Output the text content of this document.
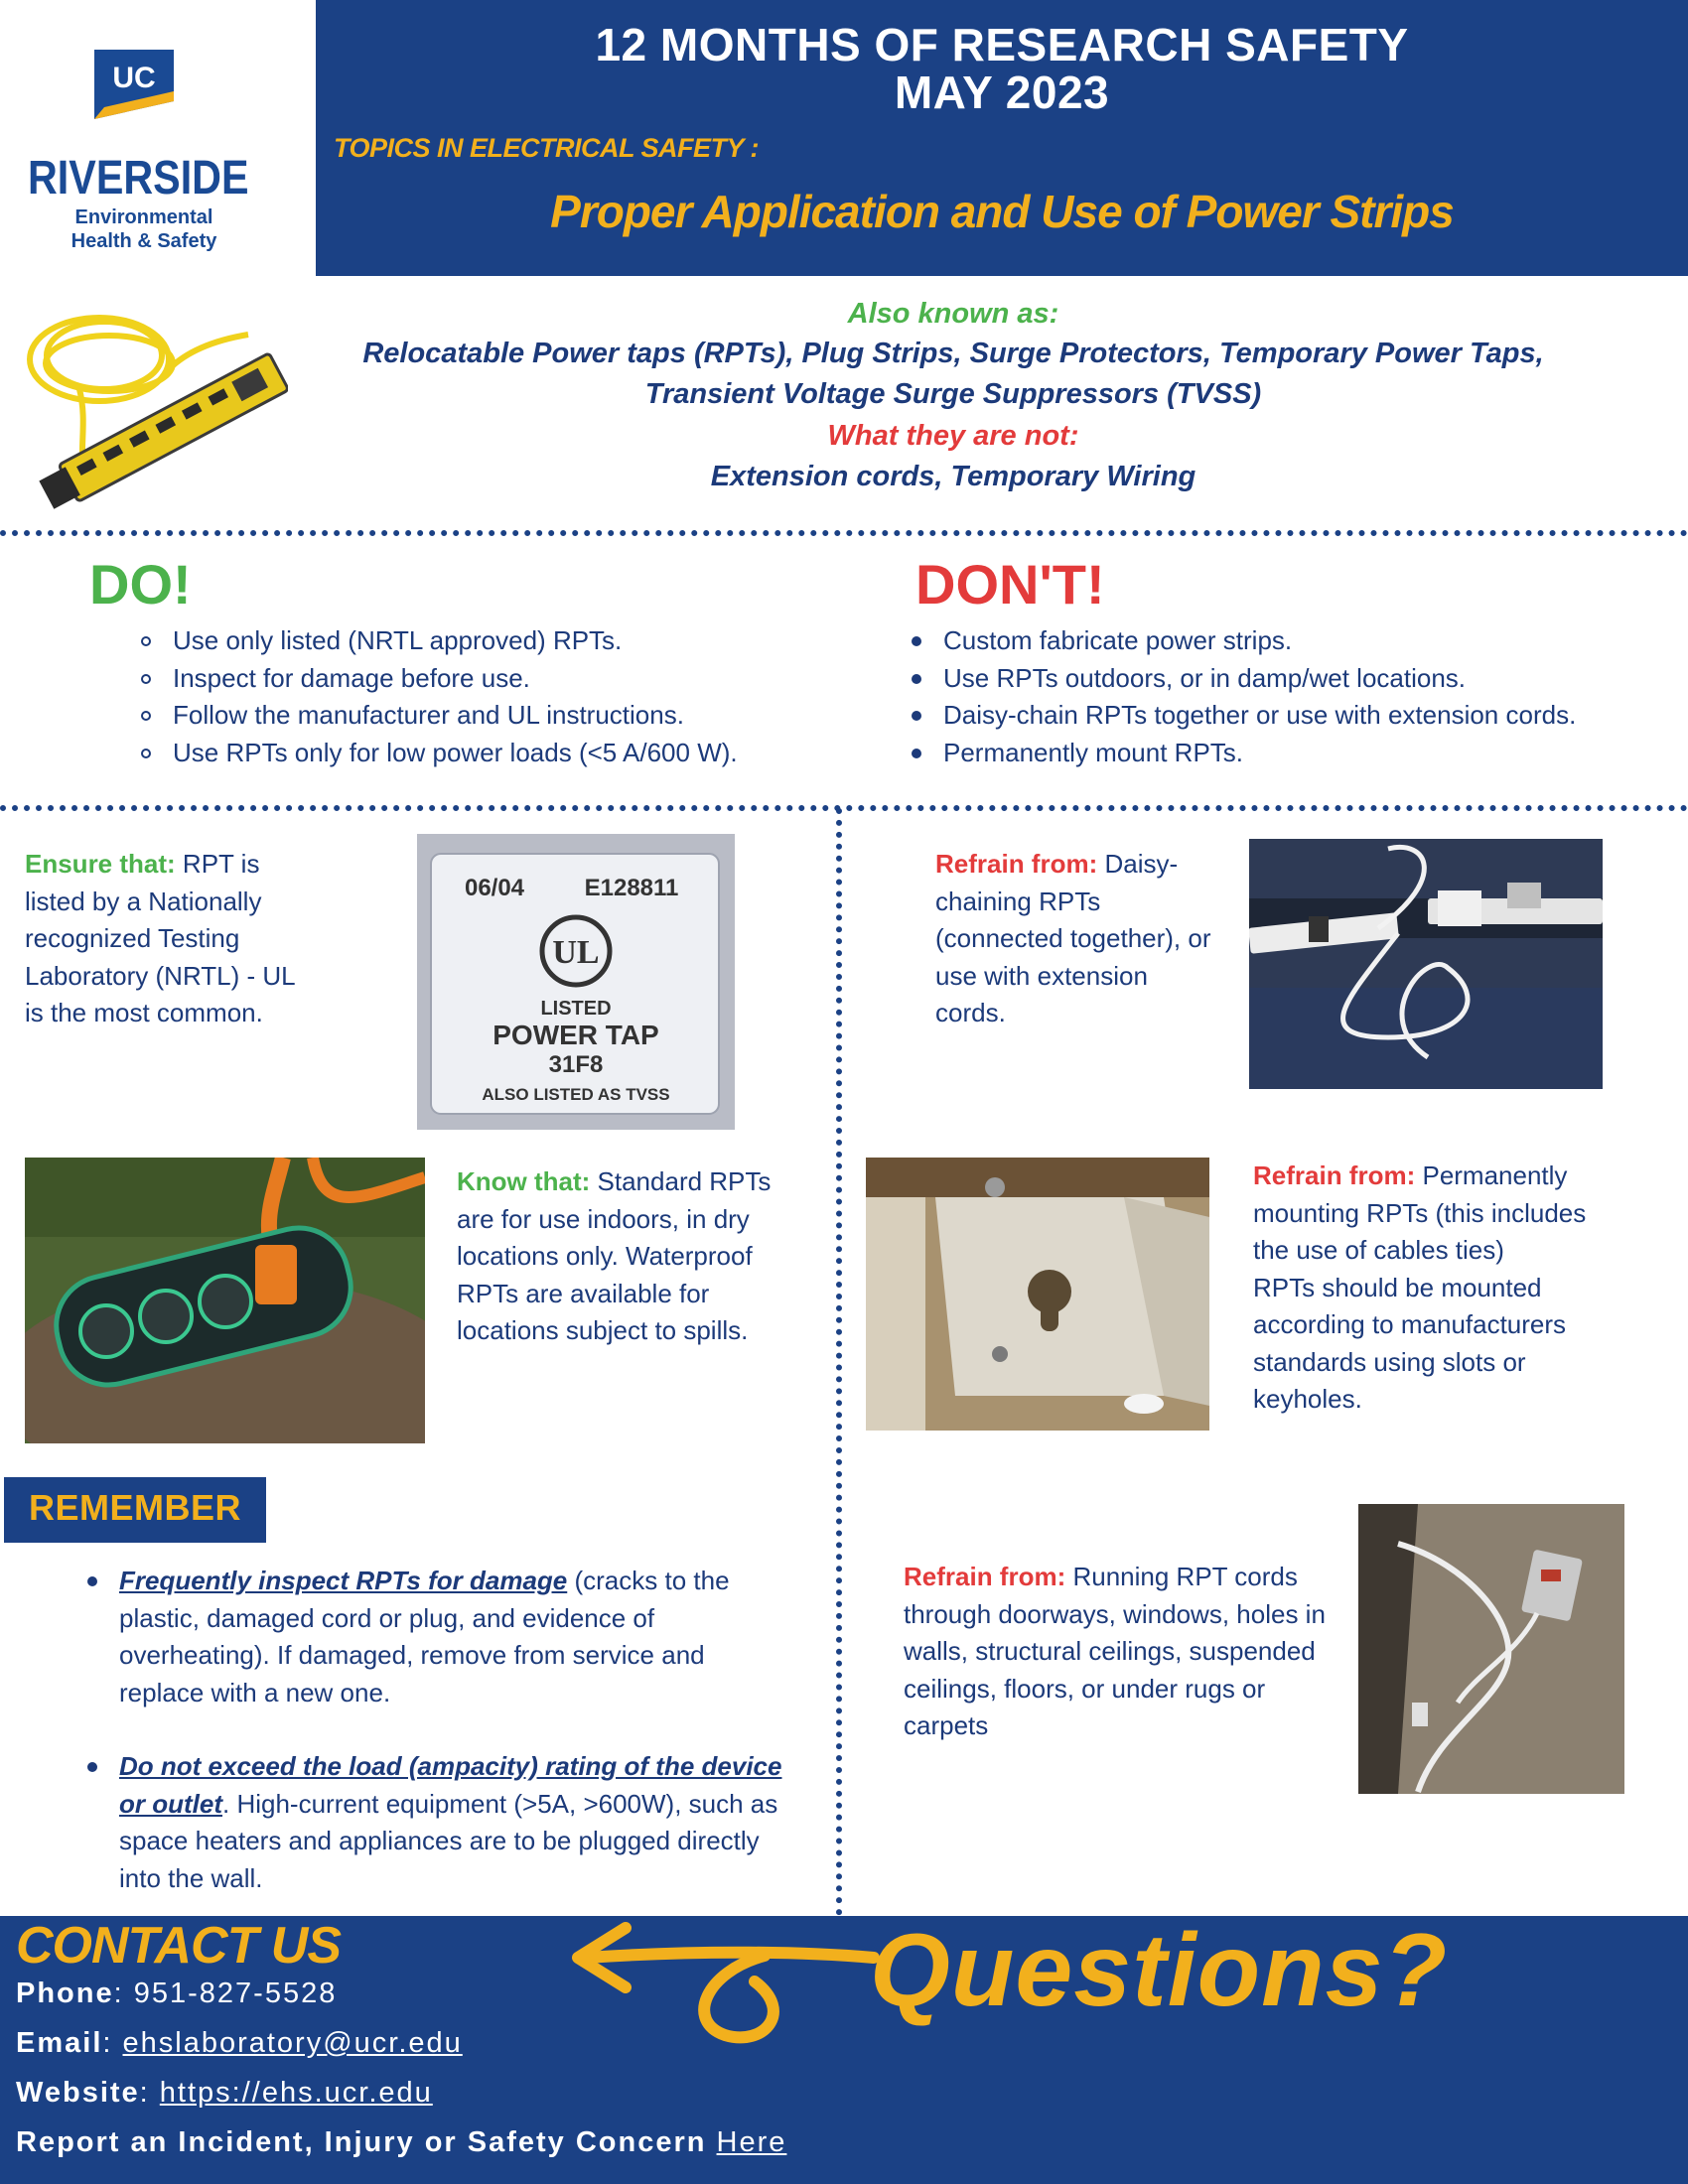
UC
RIVERSIDE
Environmental
Health & Safety
12 MONTHS OF RESEARCH SAFETY
MAY 2023
TOPICS IN ELECTRICAL SAFETY :
Proper Application and Use of Power Strips
Also known as:
Relocatable Power taps (RPTs), Plug Strips, Surge Protectors, Temporary Power Taps,
Transient Voltage Surge Suppressors (TVSS)
What they are not:
Extension cords, Temporary Wiring
DO!
Use only listed (NRTL approved) RPTs.
Inspect for damage before use.
Follow the manufacturer and UL instructions.
Use RPTs only for low power loads (<5 A/600 W).
DON'T!
Custom fabricate power strips.
Use RPTs outdoors, or in damp/wet locations.
Daisy-chain RPTs together or use with extension cords.
Permanently mount RPTs.
Ensure that: RPT is listed by a Nationally recognized Testing Laboratory (NRTL) - UL is the most common.
06/04	E128811
UL
LISTED
POWER TAP
31F8
ALSO LISTED AS TVSS
Know that: Standard RPTs are for use indoors, in dry locations only. Waterproof RPTs are available for locations subject to spills.
REMEMBER
Frequently inspect RPTs for damage (cracks to the plastic, damaged cord or plug, and evidence of overheating). If damaged, remove from service and replace with a new one.
Do not exceed the load (ampacity) rating of the device or outlet. High-current equipment (>5A, >600W), such as space heaters and appliances are to be plugged directly into the wall.
Refrain from: Daisy-chaining RPTs (connected together), or use with extension cords.
Refrain from: Permanently mounting RPTs (this includes the use of cables ties)
RPTs should be mounted according to manufacturers standards using slots or keyholes.
Refrain from: Running RPT cords through doorways, windows, holes in walls, structural ceilings, suspended ceilings, floors, or under rugs or carpets
CONTACT US
Phone: 951-827-5528
Email: ehslaboratory@ucr.edu
Website: https://ehs.ucr.edu
Report an Incident, Injury or Safety Concern Here
Questions?
